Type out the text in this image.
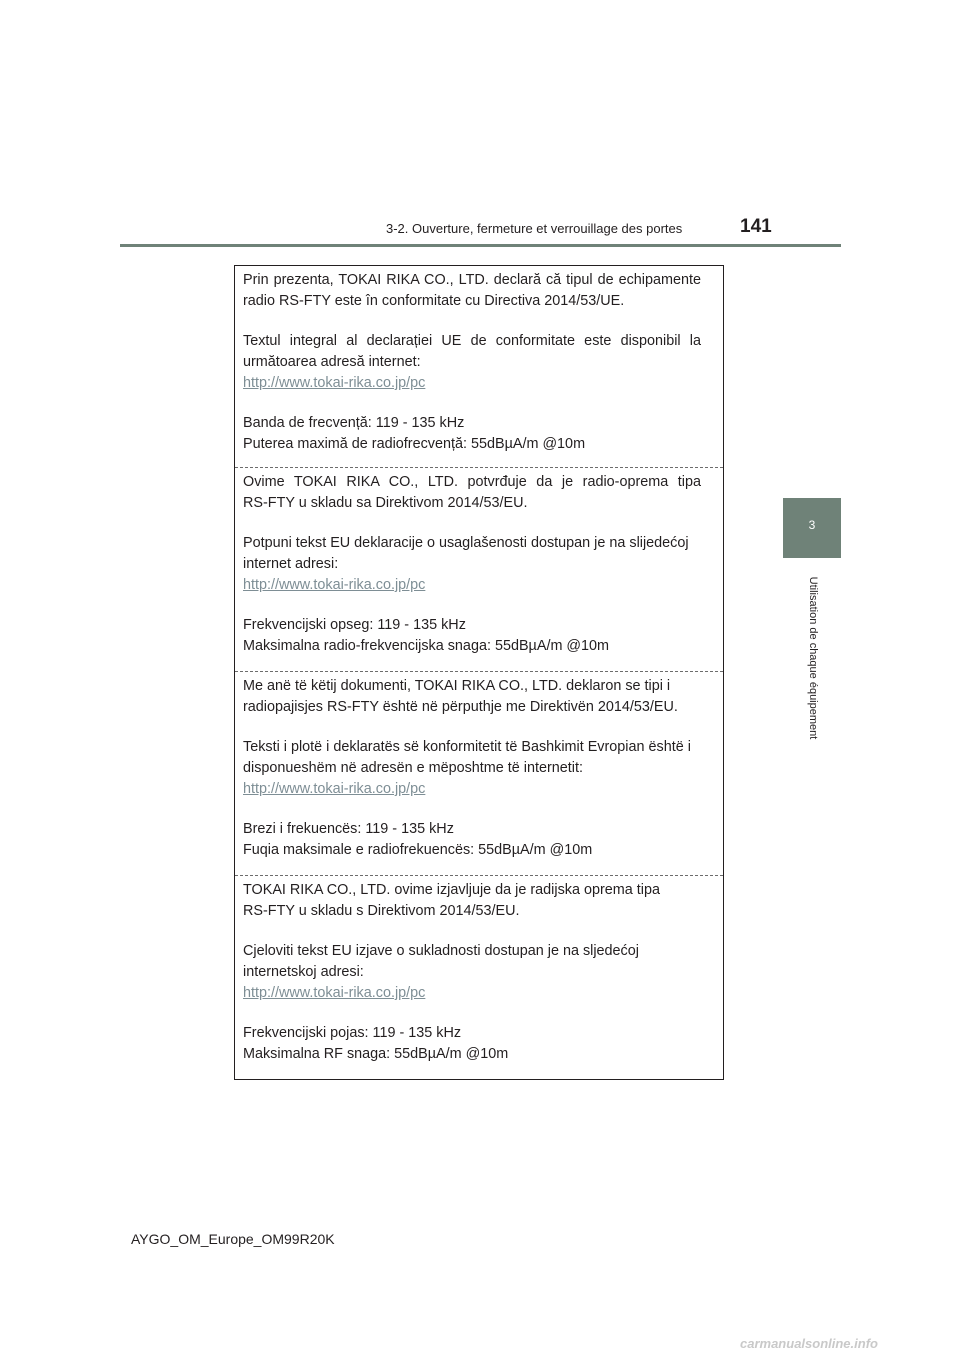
3-2. Ouverture, fermeture et verrouillage des portes	141
3
Utilisation de chaque équipement

Prin prezenta, TOKAI RIKA CO., LTD. declară că tipul de echipamente

radio RS-FTY este în conformitate cu Directiva 2014/53/UE.

Textul integral al declarației UE de conformitate este disponibil la

următoarea adresă internet:

http://www.tokai-rika.co.jp/pc

Banda de frecvență: 119 - 135 kHz

Puterea maximă de radiofrecvență: 55dBµA/m @10m

Ovime TOKAI RIKA CO., LTD. potvrđuje da je radio-oprema tipa

RS-FTY u skladu sa Direktivom 2014/53/EU.

Potpuni tekst EU deklaracije o usaglašenosti dostupan je na slijedećoj

internet adresi:

http://www.tokai-rika.co.jp/pc

Frekvencijski opseg: 119 - 135 kHz

Maksimalna radio-frekvencijska snaga: 55dBµA/m @10m

Me anë të këtij dokumenti, TOKAI RIKA CO., LTD. deklaron se tipi i

radiopajisjes RS-FTY është në përputhje me Direktivën 2014/53/EU.

Teksti i plotë i deklaratës së konformitetit të Bashkimit Evropian është i

disponueshëm në adresën e mëposhtme të internetit:

http://www.tokai-rika.co.jp/pc

Brezi i frekuencës: 119 - 135 kHz

Fuqia maksimale e radiofrekuencës: 55dBµA/m @10m

TOKAI RIKA CO., LTD. ovime izjavljuje da je radijska oprema tipa

RS-FTY u skladu s Direktivom 2014/53/EU.

Cjeloviti tekst EU izjave o sukladnosti dostupan je na sljedećoj

internetskoj adresi:

http://www.tokai-rika.co.jp/pc

Frekvencijski pojas: 119 - 135 kHz

Maksimalna RF snaga: 55dBµA/m @10m

AYGO_OM_Europe_OM99R20K
carmanualsonline.info
